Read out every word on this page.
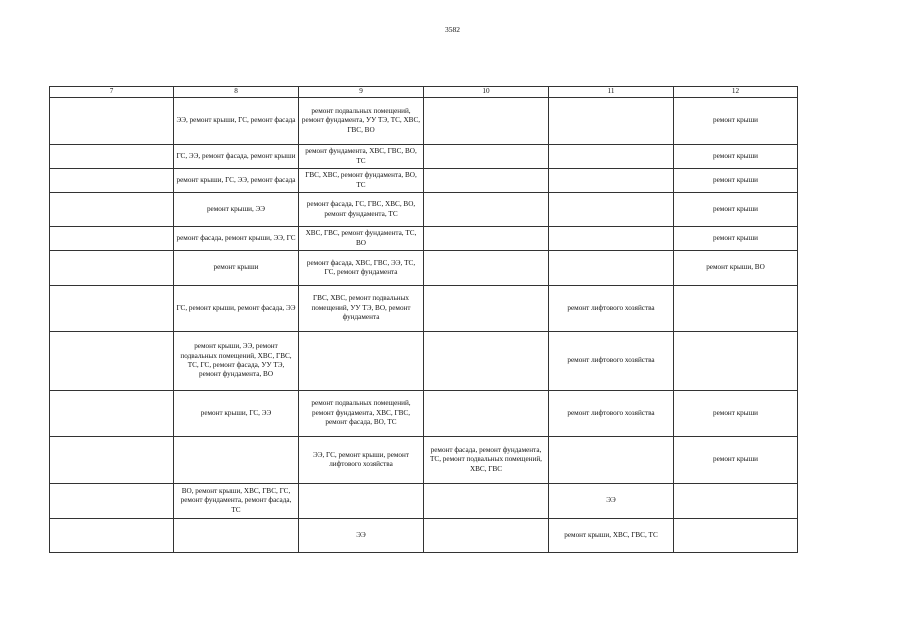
3582
7	8	9	10	11	12
	ЭЭ, ремонт крыши, ГС, ремонт фасада	ремонт подвальных помещений, ремонт фундамента, УУ ТЭ, ТС, ХВС, ГВС, ВО			ремонт крыши
	ГС, ЭЭ, ремонт фасада, ремонт крыши	ремонт фундамента, ХВС, ГВС, ВО, ТС			ремонт крыши
	ремонт крыши, ГС, ЭЭ, ремонт фасада	ГВС, ХВС, ремонт фундамента, ВО, ТС			ремонт крыши
	ремонт крыши, ЭЭ	ремонт фасада, ГС, ГВС, ХВС, ВО, ремонт фундамента, ТС			ремонт крыши
	ремонт фасада, ремонт крыши, ЭЭ, ГС	ХВС, ГВС, ремонт фундамента, ТС, ВО			ремонт крыши
	ремонт крыши	ремонт фасада, ХВС, ГВС, ЭЭ, ТС, ГС, ремонт фундамента			ремонт крыши, ВО
	ГС, ремонт крыши, ремонт фасада, ЭЭ	ГВС, ХВС, ремонт подвальных помещений, УУ ТЭ, ВО, ремонт фундамента		ремонт лифтового хозяйства	
	ремонт крыши, ЭЭ, ремонт подвальных помещений, ХВС, ГВС, ТС, ГС, ремонт фасада, УУ ТЭ, ремонт фундамента, ВО			ремонт лифтового хозяйства	
	ремонт крыши, ГС, ЭЭ	ремонт подвальных помещений, ремонт фундамента, ХВС, ГВС, ремонт фасада, ВО, ТС		ремонт лифтового хозяйства	ремонт крыши
		ЭЭ, ГС, ремонт крыши, ремонт лифтового хозяйства	ремонт фасада, ремонт фундамента, ТС, ремонт подвальных помещений, ХВС, ГВС		ремонт крыши
	ВО, ремонт крыши, ХВС, ГВС, ГС, ремонт фундамента, ремонт фасада, ТС			ЭЭ	
		ЭЭ		ремонт крыши, ХВС, ГВС, ТС	
